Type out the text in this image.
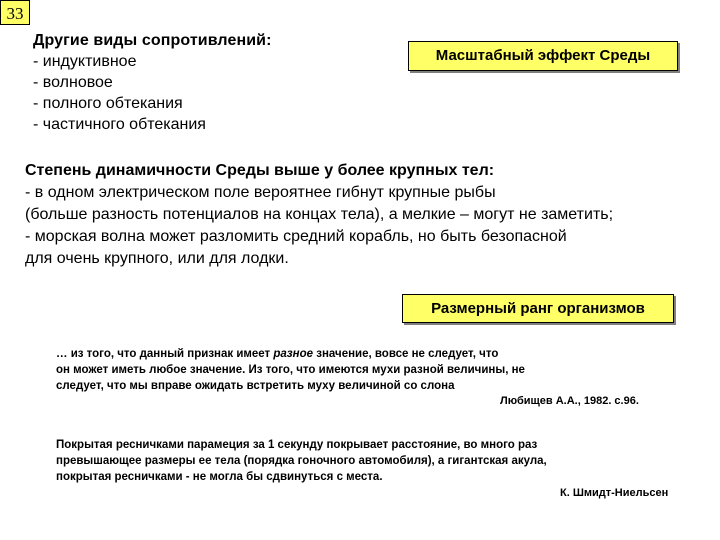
33
Другие виды сопротивлений:
- индуктивное
- волновое
- полного обтекания
- частичного обтекания
Масштабный эффект Среды
Степень динамичности Среды выше у более крупных тел:
- в одном электрическом поле вероятнее гибнут крупные рыбы
(больше разность потенциалов на концах тела), а мелкие – могут не заметить;
- морская волна может разломить средний корабль, но быть безопасной
для очень крупного, или для лодки.
Размерный ранг организмов
… из того, что данный признак имеет разное значение, вовсе не следует, что
он может иметь любое значение. Из того, что имеются мухи разной величины, не
следует, что мы вправе ожидать встретить муху величиной со слона
Любищев А.А., 1982. с.96.
Покрытая ресничками парамеция за 1 секунду покрывает расстояние, во много раз
превышающее размеры ее тела (порядка гоночного автомобиля), а гигантская акула,
покрытая ресничками - не могла бы сдвинуться с места.
К. Шмидт-Ниельсен
